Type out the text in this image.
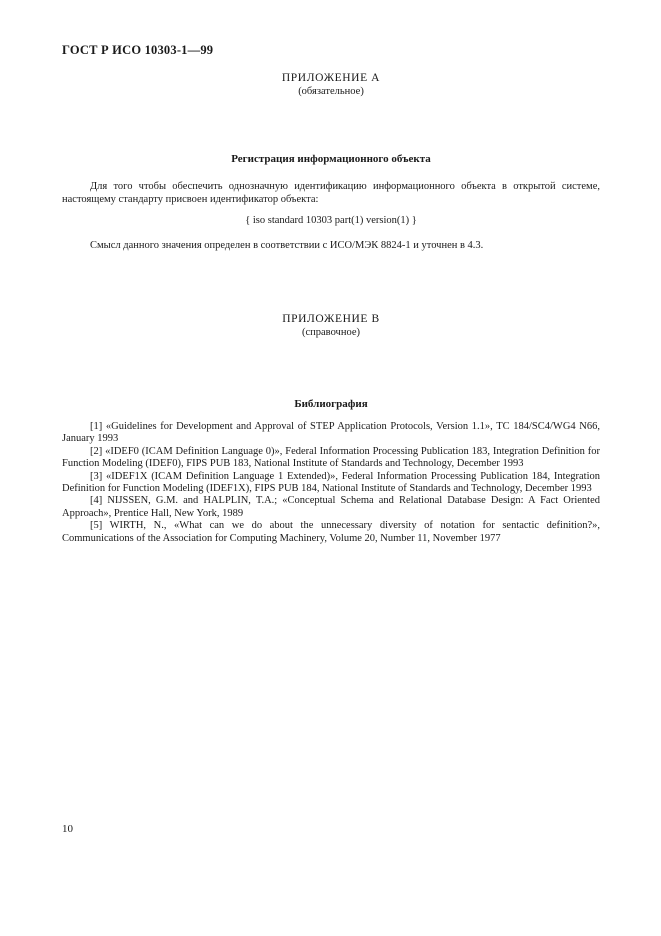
ГОСТ Р ИСО 10303-1—99
ПРИЛОЖЕНИЕ А
(обязательное)
Регистрация информационного объекта

Для того чтобы обеспечить однозначную идентификацию информационного объекта в открытой системе, настоящему стандарту присвоен идентификатор объекта:

{ iso standard 10303 part(1) version(1) }

Смысл данного значения определен в соответствии с ИСО/МЭК 8824-1 и уточнен в 4.3.

ПРИЛОЖЕНИЕ В
(справочное)
Библиография

[1] «Guidelines for Development and Approval of STEP Application Protocols, Version 1.1», TC 184/SC4/WG4 N66, January 1993

[2] «IDEF0 (ICAM Definition Language 0)», Federal Information Processing Publication 183, Integration Definition for Function Modeling (IDEF0), FIPS PUB 183, National Institute of Standards and Technology, December 1993

[3] «IDEF1X (ICAM Definition Language 1 Extended)», Federal Information Processing Publication 184, Integration Definition for Function Modeling (IDEF1X), FIPS PUB 184, National Institute of Standards and Technology, December 1993

[4] NIJSSEN, G.M. and HALPLIN, T.A.; «Conceptual Schema and Relational Database Design: A Fact Oriented Approach», Prentice Hall, New York, 1989

[5] WIRTH, N., «What can we do about the unnecessary diversity of notation for sentactic definition?», Communications of the Association for Computing Machinery, Volume 20, Number 11, November 1977

10
